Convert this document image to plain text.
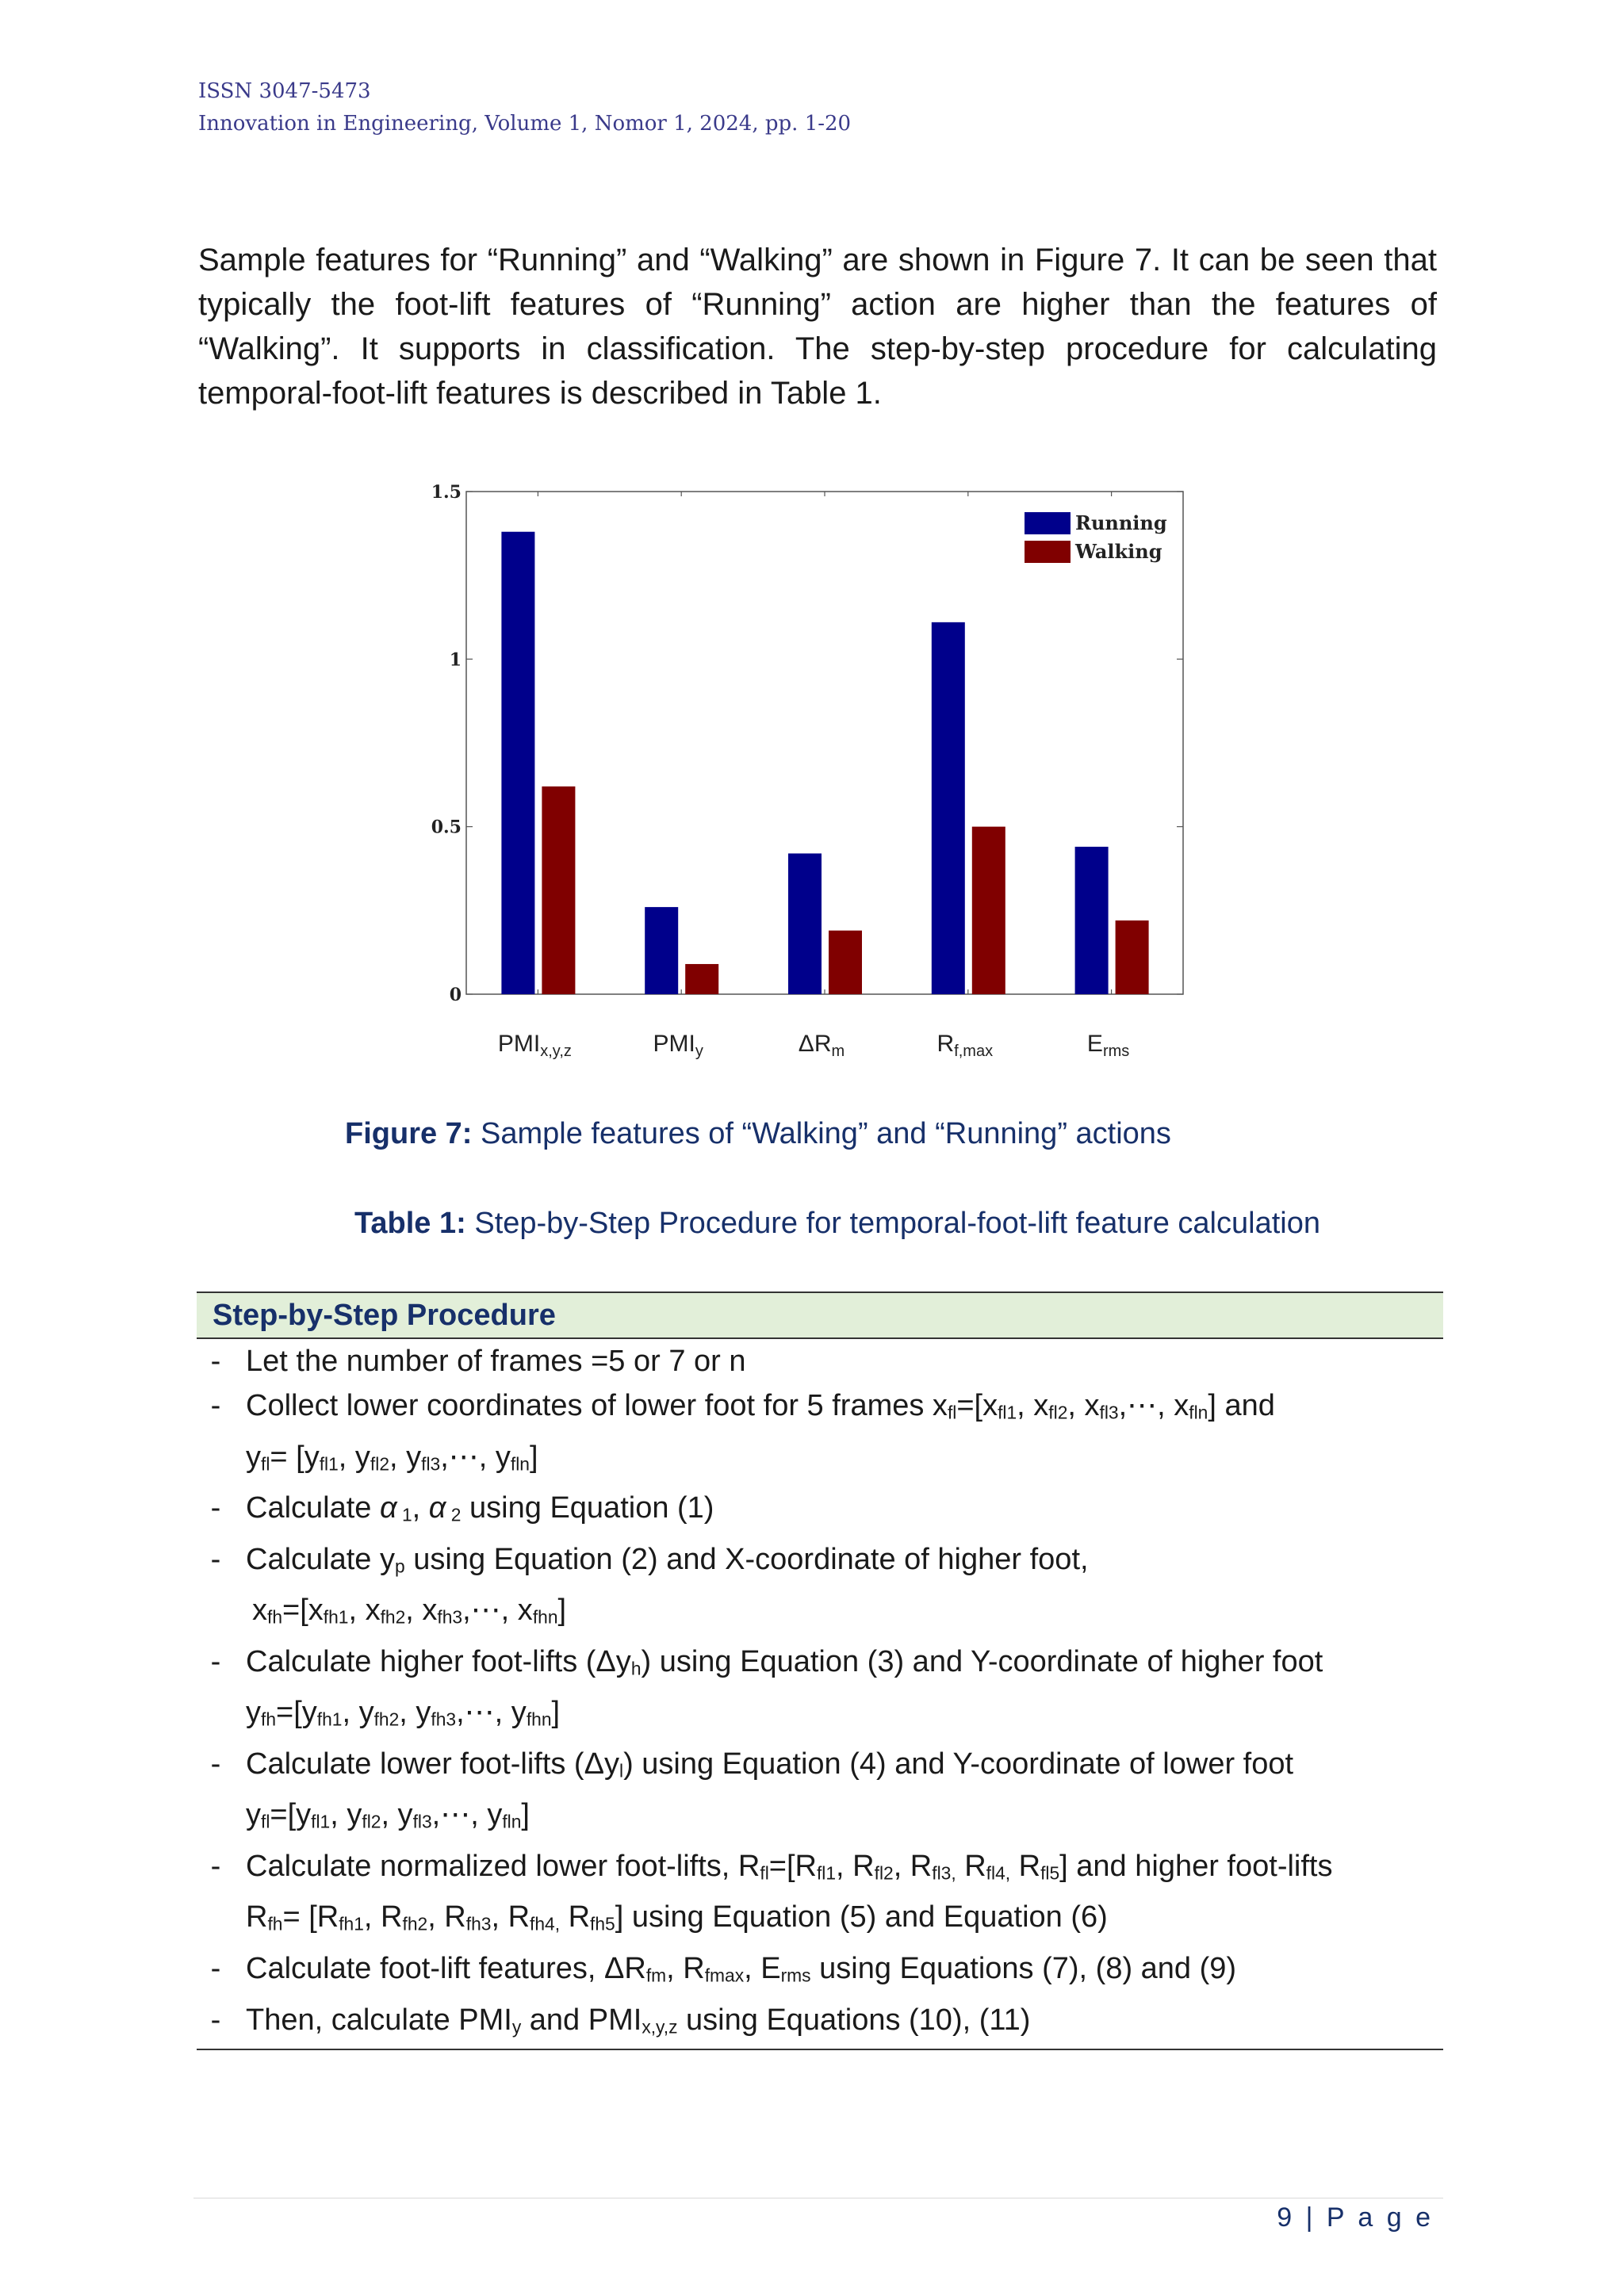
ISSN 3047-5473
Innovation in Engineering, Volume 1, Nomor 1, 2024, pp. 1-20
Sample features for “Running” and “Walking” are shown in Figure 7. It can be seen that typically the foot-lift features of “Running” action are higher than the features of “Walking”. It supports in classification. The step-by-step procedure for calculating temporal-foot-lift features is described in Table 1.
0
0.5
1
1.5
$PMI_{x,y,z}$	$PMI_y$	$\Delta R_m$	$R_{f,max}$	$E_{rms}$
Running
Walking
Figure 7: Sample features of “Walking” and “Running” actions
Table 1: Step-by-Step Procedure for temporal-foot-lift feature calculation
Step-by-Step Procedure
- Let the number of frames =5 or 7 or n
- Collect lower coordinates of lower foot for 5 frames xfl=[xfl1, xfl2, xfl3,⋯, xfln] and
yfl= [yfl1, yfl2, yfl3,⋯, yfln]
- Calculate α 1, α 2 using Equation (1)
- Calculate yp using Equation (2) and X-coordinate of higher foot,
xfh=[xfh1, xfh2, xfh3,⋯, xfhn]
- Calculate higher foot-lifts (Δyh) using Equation (3) and Y-coordinate of higher foot
yfh=[yfh1, yfh2, yfh3,⋯, yfhn]
- Calculate lower foot-lifts (Δyl) using Equation (4) and Y-coordinate of lower foot
yfl=[yfl1, yfl2, yfl3,⋯, yfln]
- Calculate normalized lower foot-lifts, Rfl=[Rfl1, Rfl2, Rfl3, Rfl4, Rfl5] and higher foot-lifts
Rfh= [Rfh1, Rfh2, Rfh3, Rfh4, Rfh5] using Equation (5) and Equation (6)
- Calculate foot-lift features, ΔRfm, Rfmax, Erms using Equations (7), (8) and (9)
- Then, calculate PMIy and PMIx,y,z using Equations (10), (11)
9 | P a g e
